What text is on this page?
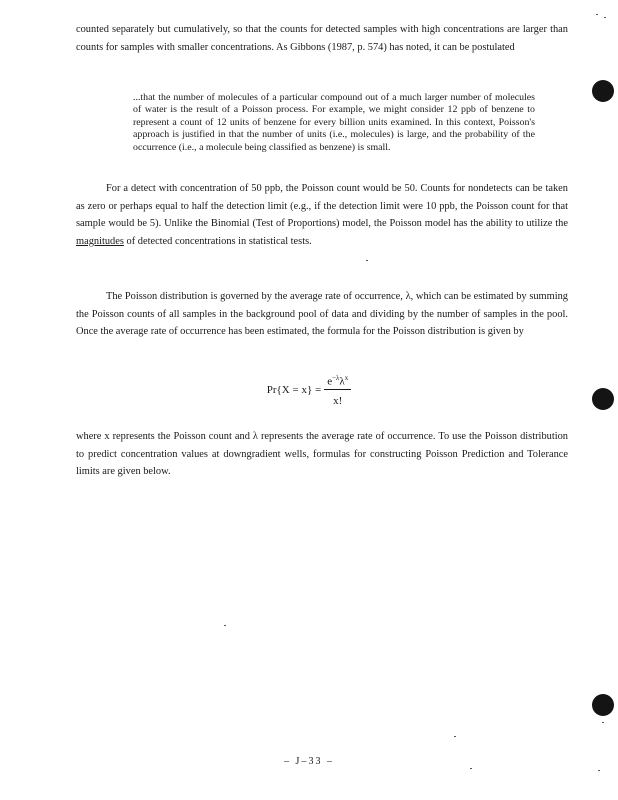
counted separately but cumulatively, so that the counts for detected samples with high concentrations are larger than counts for samples with smaller concentrations. As Gibbons (1987, p. 574) has noted, it can be postulated

...that the number of molecules of a particular compound out of a much larger number of molecules of water is the result of a Poisson process. For example, we might consider 12 ppb of benzene to represent a count of 12 units of benzene for every billion units examined. In this context, Poisson's approach is justified in that the number of units (i.e., molecules) is large, and the probability of the occurrence (i.e., a molecule being classified as benzene) is small.

For a detect with concentration of 50 ppb, the Poisson count would be 50. Counts for nondetects can be taken as zero or perhaps equal to half the detection limit (e.g., if the detection limit were 10 ppb, the Poisson count for that sample would be 5). Unlike the Binomial (Test of Proportions) model, the Poisson model has the ability to utilize the magnitudes of detected concentrations in statistical tests.

The Poisson distribution is governed by the average rate of occurrence, λ, which can be estimated by summing the Poisson counts of all samples in the background pool of data and dividing by the number of samples in the pool. Once the average rate of occurrence has been estimated, the formula for the Poisson distribution is given by

$Pr\{X = x\} = \frac{e^{-\lambda}\lambda^x}{x!}$

where x represents the Poisson count and λ represents the average rate of occurrence. To use the Poisson distribution to predict concentration values at downgradient wells, formulas for constructing Poisson Prediction and Tolerance limits are given below.

– J–33 –
